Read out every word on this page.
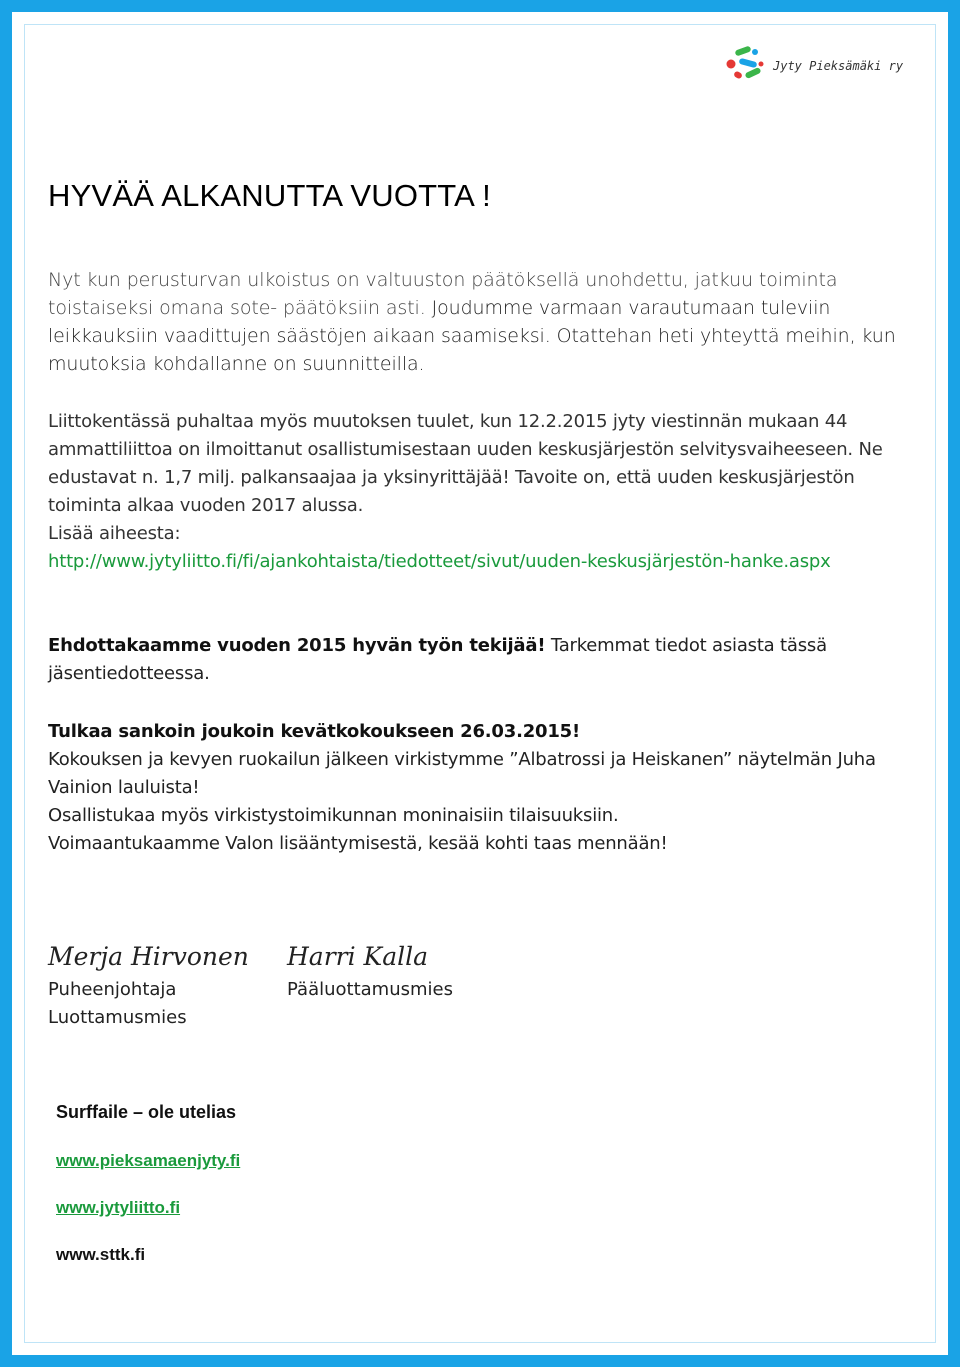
Jyty Pieksämäki ry
HYVÄÄ ALKANUTTA VUOTTA !
Nyt kun perusturvan ulkoistus on valtuuston päätöksellä unohdettu, jatkuu toiminta toistaiseksi omana sote- päätöksiin asti. Joudumme varmaan varautumaan tuleviin leikkauksiin vaadittujen säästöjen aikaan saamiseksi. Otattehan heti yhteyttä meihin, kun muutoksia kohdallanne on suunnitteilla.
Liittokentässä puhaltaa myös muutoksen tuulet, kun 12.2.2015 jyty viestinnän mukaan 44 ammattiliittoa on ilmoittanut osallistumisestaan uuden keskusjärjestön selvitysvaiheeseen. Ne edustavat n. 1,7 milj. palkansaajaa ja yksinyrittäjää! Tavoite on, että uuden keskusjärjestön toiminta alkaa vuoden 2017 alussa.
Lisää aiheesta:
http://www.jytyliitto.fi/fi/ajankohtaista/tiedotteet/sivut/uuden-keskusjärjestön-hanke.aspx
Ehdottakaamme vuoden 2015 hyvän työn tekijää! Tarkemmat tiedot asiasta tässä jäsentiedotteessa.
Tulkaa sankoin joukoin kevätkokoukseen 26.03.2015!
Kokouksen ja kevyen ruokailun jälkeen virkistymme ”Albatrossi ja Heiskanen” näytelmän Juha Vainion lauluista!
Osallistukaa myös virkistystoimikunnan moninaisiin tilaisuuksiin.
Voimaantukaamme Valon lisääntymisestä, kesää kohti taas mennään!
Merja Hirvonen
Puheenjohtaja
Luottamusmies
Harri Kalla
Pääluottamusmies
Surffaile – ole utelias
www.pieksamaenjyty.fi
www.jytyliitto.fi
www.sttk.fi
